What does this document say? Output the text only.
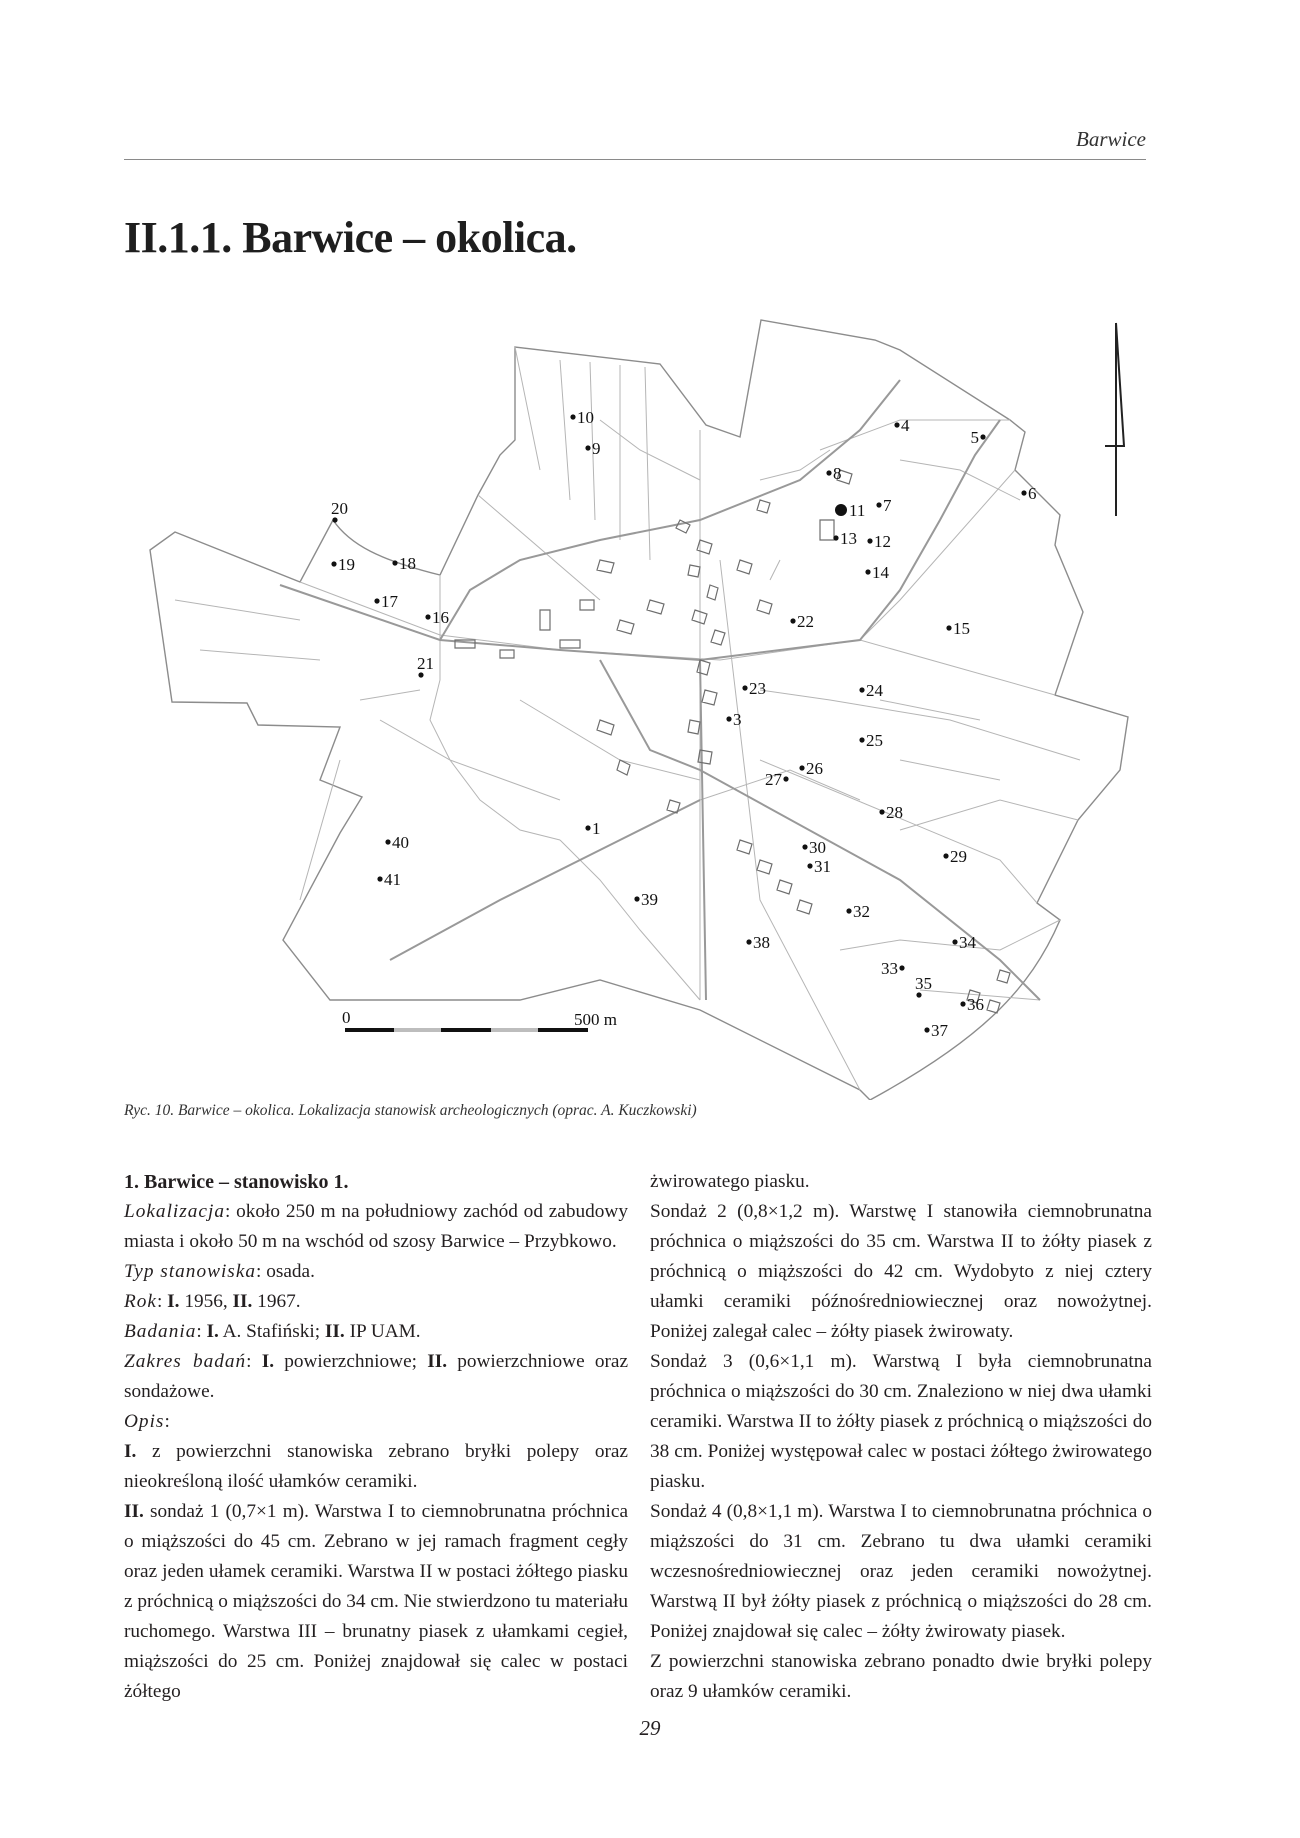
Barwice
II.1.1. Barwice – okolica.
0	500 m
1
3
4
5
6
7
8
9
10
11
12
13
14
15
16
17
18
19
20
21
22
23	24
25
26
27
28
29
30
31
32
33
34
35
36
37
38
39
40
41
Ryc. 10. Barwice – okolica. Lokalizacja stanowisk archeologicznych (oprac. A. Kuczkowski)

1. Barwice – stanowisko 1.

Lokalizacja: około 250 m na południowy zachód od zabudowy miasta i około 50 m na wschód od szosy Barwice – Przybkowo.

Typ stanowiska: osada.

Rok: I. 1956, II. 1967.

Badania: I. A. Stafiński; II. IP UAM.

Zakres badań: I. powierzchniowe; II. powierzchniowe oraz sondażowe.

Opis:

I. z powierzchni stanowiska zebrano bryłki polepy oraz nieokreśloną ilość ułamków ceramiki.

II. sondaż 1 (0,7×1 m). Warstwa I to ciemnobrunatna próchnica o miąższości do 45 cm. Zebrano w jej ramach fragment cegły oraz jeden ułamek ceramiki. Warstwa II w postaci żółtego piasku z próchnicą o miąższości do 34 cm. Nie stwierdzono tu materiału ruchomego. Warstwa III – brunatny piasek z ułamkami cegieł, miąższości do 25 cm. Poniżej znajdował się calec w postaci żółtego

żwirowatego piasku.

Sondaż 2 (0,8×1,2 m). Warstwę I stanowiła ciemnobrunatna próchnica o miąższości do 35 cm. Warstwa II to żółty piasek z próchnicą o miąższości do 42 cm. Wydobyto z niej cztery ułamki ceramiki późnośredniowiecznej oraz nowożytnej. Poniżej zalegał calec – żółty piasek żwirowaty.

Sondaż 3 (0,6×1,1 m). Warstwą I była ciemnobrunatna próchnica o miąższości do 30 cm. Znaleziono w niej dwa ułamki ceramiki. Warstwa II to żółty piasek z próchnicą o miąższości do 38 cm. Poniżej występował calec w postaci żółtego żwirowatego piasku.

Sondaż 4 (0,8×1,1 m). Warstwa I to ciemnobrunatna próchnica o miąższości do 31 cm. Zebrano tu dwa ułamki ceramiki wczesnośredniowiecznej oraz jeden ceramiki nowożytnej. Warstwą II był żółty piasek z próchnicą o miąższości do 28 cm. Poniżej znajdował się calec – żółty żwirowaty piasek.

Z powierzchni stanowiska zebrano ponadto dwie bryłki polepy oraz 9 ułamków ceramiki.

29
